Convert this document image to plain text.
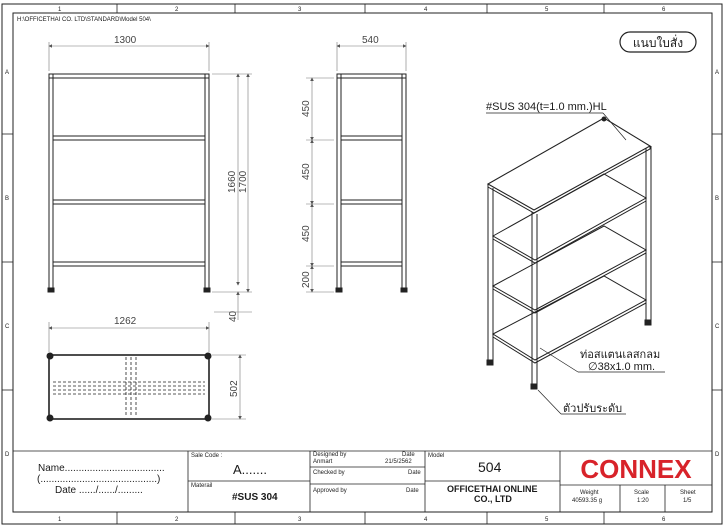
1	2	3	4	5	6
1	2	3	4	5	6
A
B
C
D
A
B
C
D
H:\OFFICETHAI CO. LTD\STANDARD\Model 504\
แนบใบสั่ง
1300
1660 1700
40
540
450
450
450
200
1262
502
#SUS 304(t=1.0 mm.)HL
ท่อสแตนเลสกลม
∅38x1.0 mm.
ตัวปรับระดับ
Name....................................
(..........................................)
Date ....../....../.........
Sale Code :
A.......
Materail
#SUS 304
Designed by
Anmart
Date
21/5/2562
Checked by	Date
Approved by	Date
Model
504
OFFICETHAI ONLINE
CO., LTD
CONNEX
Weight
40593.35 g
Scale
1:20
Sheet
1/5
